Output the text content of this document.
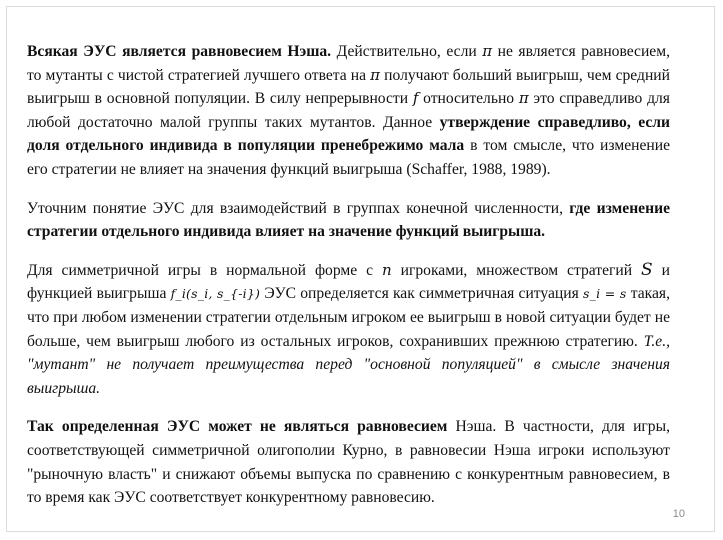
Всякая ЭУС является равновесием Нэша. Действительно, если π не является равновесием, то мутанты с чистой стратегией лучшего ответа на π получают больший выигрыш, чем средний выигрыш в основной популяции. В силу непрерывности f относительно π это справедливо для любой достаточно малой группы таких мутантов. Данное утверждение справедливо, если доля отдельного индивида в популяции пренебрежимо мала в том смысле, что изменение его стратегии не влияет на значения функций выигрыша (Schaffer, 1988, 1989).

Уточним понятие ЭУС для взаимодействий в группах конечной численности, где изменение стратегии отдельного индивида влияет на значение функций выигрыша.

Для симметричной игры в нормальной форме с n игроками, множеством стратегий S и функцией выигрыша f_i(s_i, s_{-i}) ЭУС определяется как симметричная ситуация s_i = s такая, что при любом изменении стратегии отдельным игроком ее выигрыш в новой ситуации будет не больше, чем выигрыш любого из остальных игроков, сохранивших прежнюю стратегию. Т.е., "мутант" не получает преимущества перед "основной популяцией" в смысле значения выигрыша.

Так определенная ЭУС может не являться равновесием Нэша. В частности, для игры, соответствующей симметричной олигополии Курно, в равновесии Нэша игроки используют "рыночную власть" и снижают объемы выпуска по сравнению с конкурентным равновесием, в то время как ЭУС соответствует конкурентному равновесию.

10
